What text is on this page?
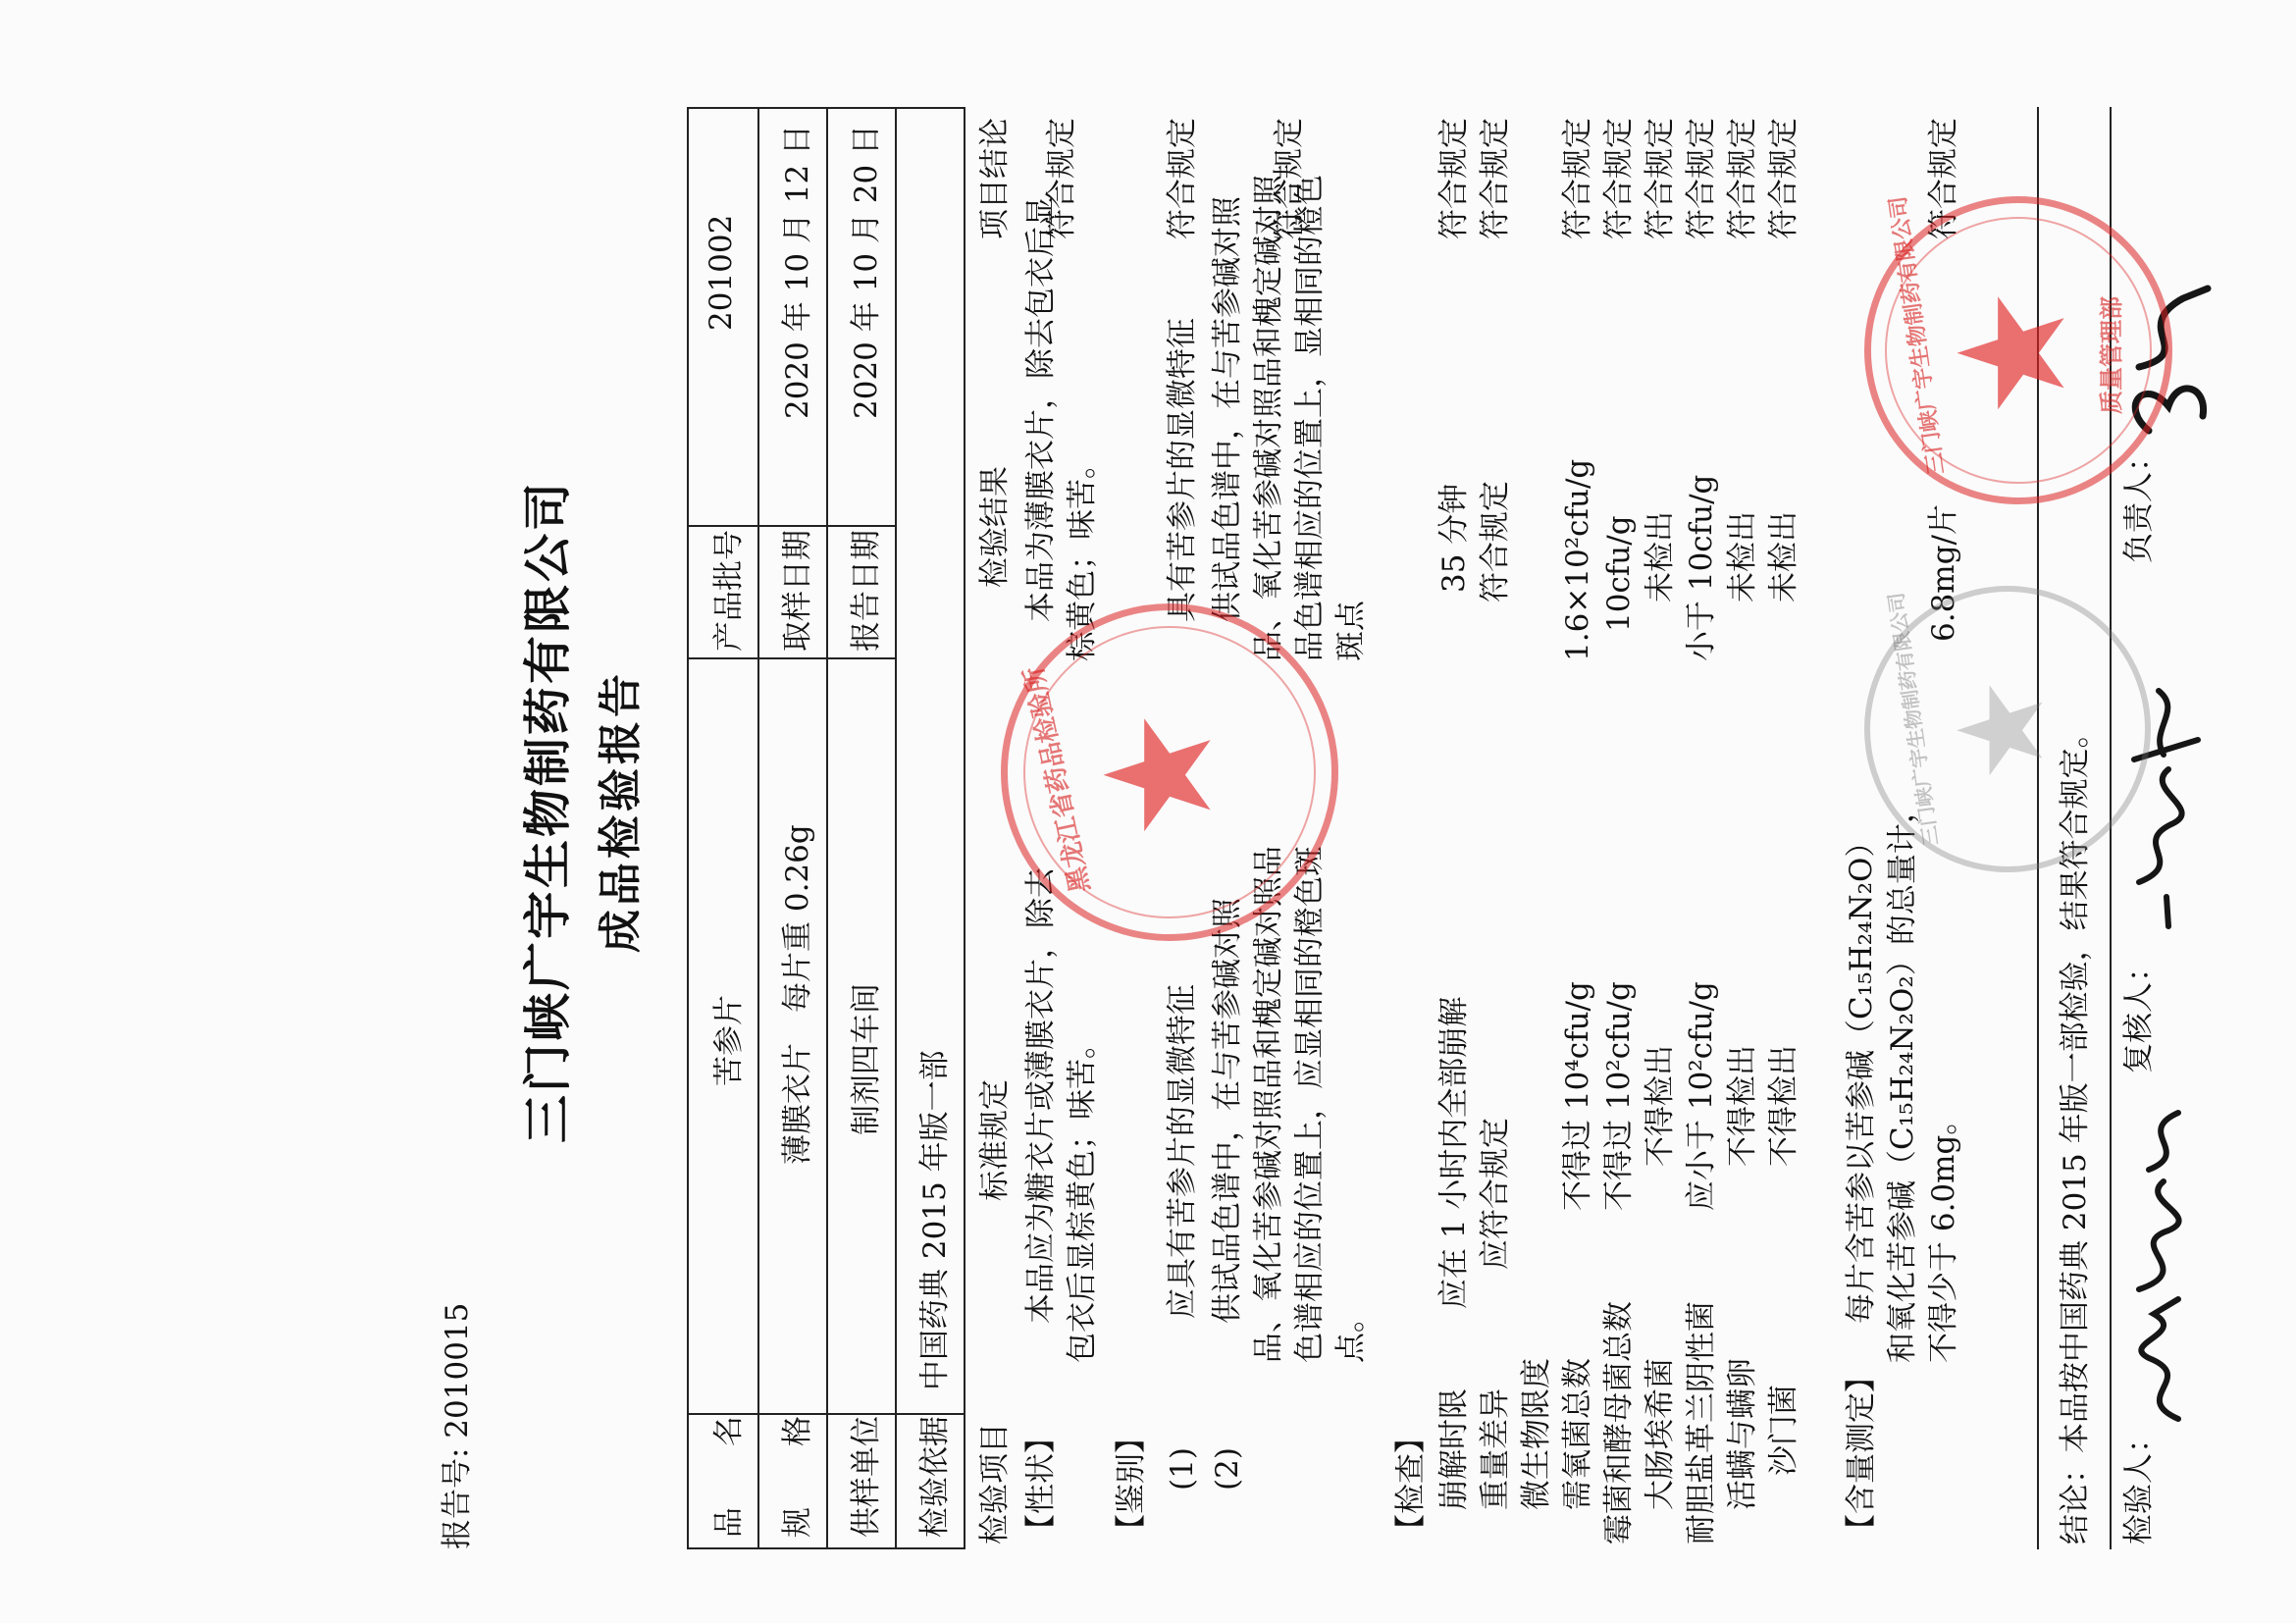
报告号: 2010015
三门峡广宇生物制药有限公司 成品检验报告
品　　名
苦参片
产品批号
201002
规　　格
薄膜衣片　每片重 0.26g
取样日期
2020 年 10 月 12 日
供样单位
制剂四车间
报告日期
2020 年 10 月 20 日
检验依据
中国药典 2015 年版一部
检验项目
标准规定
检验结果
项目结论
【性状】
本品应为糖衣片或薄膜衣片，除去 包衣后显棕黄色；味苦。
本品为薄膜衣片，除去包衣后显 棕黄色；味苦。
符合规定
【鉴别】 (1)
应具有苦参片的显微特征
具有苦参片的显微特征
符合规定
(2)
供试品色谱中，在与苦参碱对照 品、氧化苦参碱对照品和槐定碱对照品 色谱相应的位置上，应显相同的橙色斑 点。
供试品色谱中，在与苦参碱对照 品、氧化苦参碱对照品和槐定碱对照 品色谱相应的位置上，显相同的橙色 斑点
符合规定
【检查】 崩解时限
应在 1 小时内全部崩解
35 分钟
符合规定
重量差异
应符合规定
符合规定
符合规定
微生物限度 需氧菌总数
不得过 10⁴cfu/g
1.6×10²cfu/g
符合规定
霉菌和酵母菌总数
不得过 10²cfu/g
10cfu/g
符合规定
大肠埃希菌
不得检出
未检出
符合规定
耐胆盐革兰阴性菌
应小于 10²cfu/g
小于 10cfu/g
符合规定
活螨与螨卵
不得检出
未检出
符合规定
沙门菌
不得检出
未检出
符合规定
【含量测定】
每片含苦参以苦参碱（C₁₅H₂₄N₂O） 和氧化苦参碱（C₁₅H₂₄N₂O₂）的总量计， 不得少于 6.0mg。
6.8mg/片
符合规定
结论：本品按中国药典 2015 年版一部检验，结果符合规定。 检验人：
复核人：
负责人：
★
黑龙江省药品检验所
★
三门峡广宇生物制药有限公司	质量管理部
★
三门峡广宇生物制药有限公司
